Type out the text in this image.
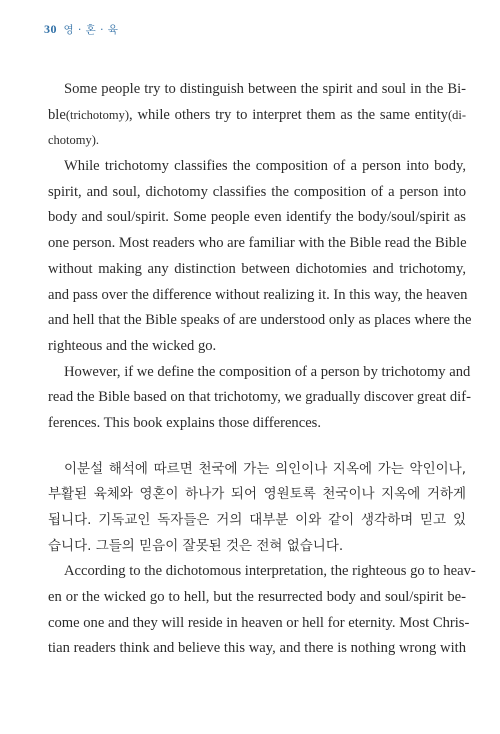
30 영 · 혼 · 육
Some people try to distinguish between the spirit and soul in the Bi-
ble(trichotomy), while others try to interpret them as the same entity(di-
chotomy).
While trichotomy classifies the composition of a person into body,
spirit, and soul, dichotomy classifies the composition of a person into
body and soul/spirit. Some people even identify the body/soul/spirit as
one person. Most readers who are familiar with the Bible read the Bible
without making any distinction between dichotomies and trichotomy,
and pass over the difference without realizing it. In this way, the heaven
and hell that the Bible speaks of are understood only as places where the
righteous and the wicked go.
However, if we define the composition of a person by trichotomy and
read the Bible based on that trichotomy, we gradually discover great dif-
ferences. This book explains those differences.
이분설 해석에 따르면 천국에 가는 의인이나 지옥에 가는 악인이나,
부활된 육체와 영혼이 하나가 되어 영원토록 천국이나 지옥에 거하게
됩니다. 기독교인 독자들은 거의 대부분 이와 같이 생각하며 믿고 있
습니다. 그들의 믿음이 잘못된 것은 전혀 없습니다.
According to the dichotomous interpretation, the righteous go to heav-
en or the wicked go to hell, but the resurrected body and soul/spirit be-
come one and they will reside in heaven or hell for eternity. Most Chris-
tian readers think and believe this way, and there is nothing wrong with
